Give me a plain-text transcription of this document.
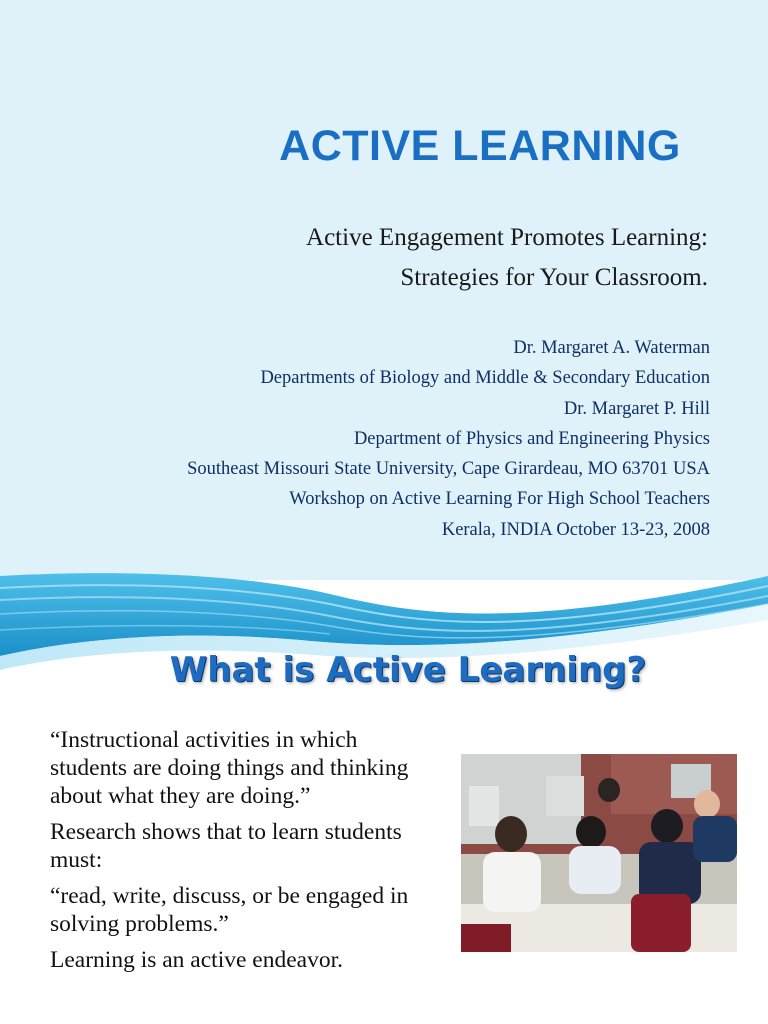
ACTIVE LEARNING
Active Engagement Promotes Learning:
Strategies for Your Classroom.
Dr. Margaret A. Waterman
Departments of Biology and Middle & Secondary Education
Dr. Margaret P. Hill
Department of Physics and Engineering Physics
Southeast Missouri State University, Cape Girardeau, MO 63701 USA
Workshop on Active Learning For High School Teachers
Kerala, INDIA October 13-23, 2008
What is Active Learning?

“Instructional activities in which students are doing things and thinking about what they are doing.”

Research shows that to learn students must:

“read, write, discuss, or be engaged in solving problems.”

Learning is an active endeavor.
